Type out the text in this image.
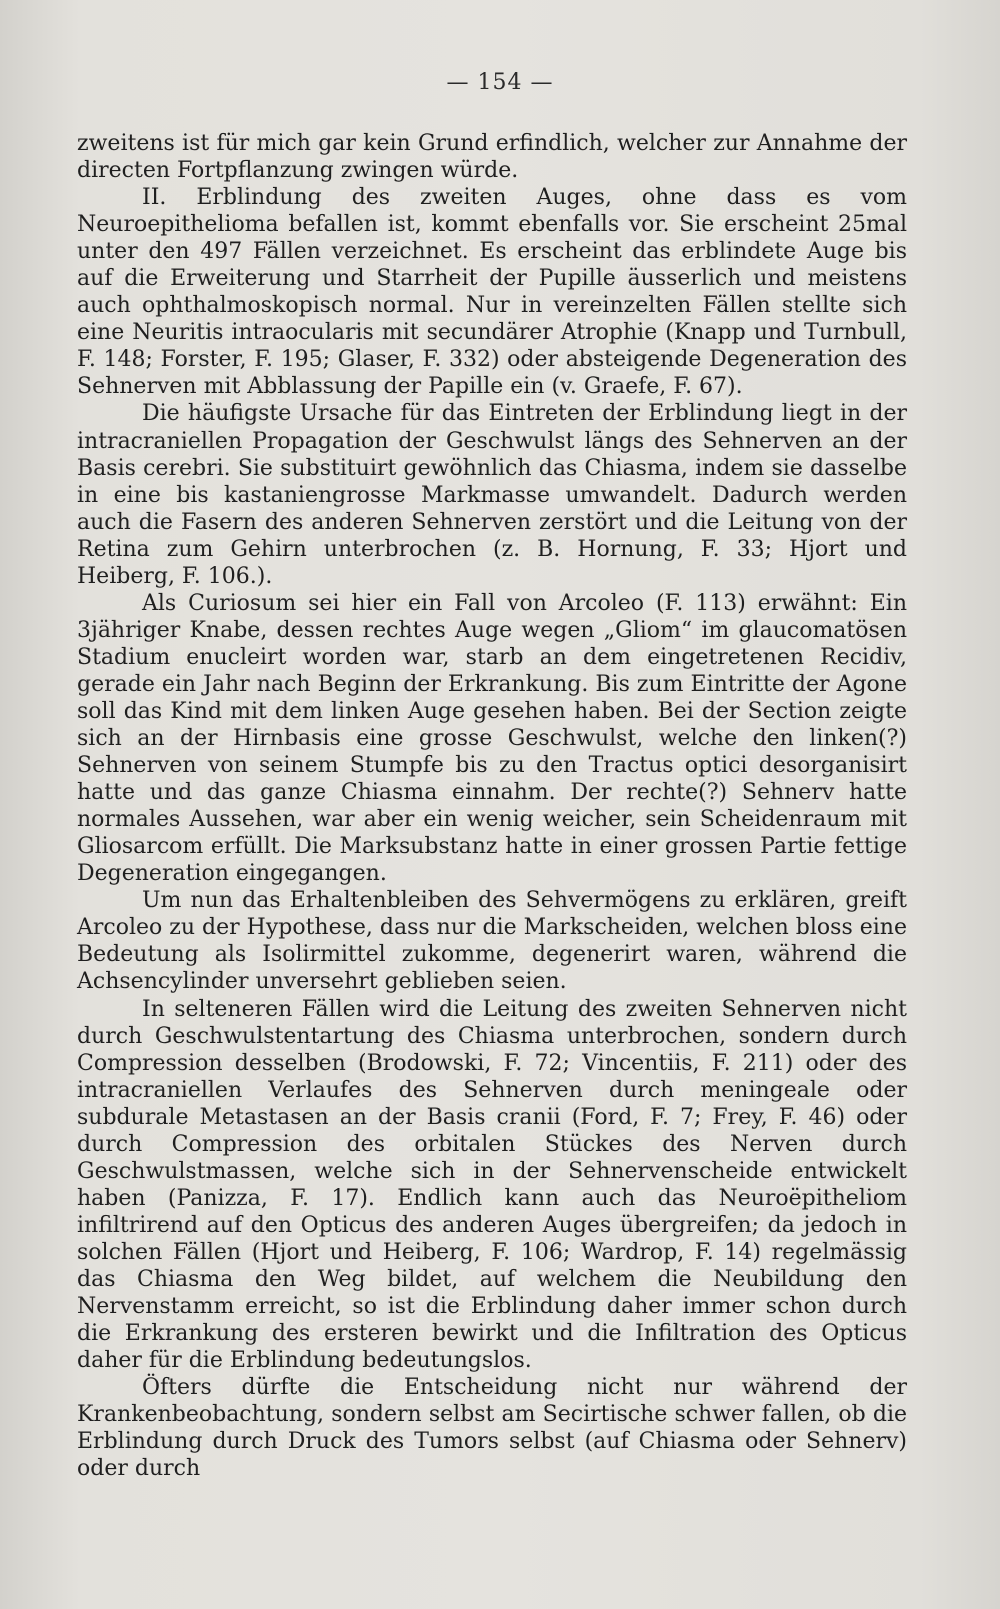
— 154 —

zweitens ist für mich gar kein Grund erfindlich, welcher zur Annahme der directen Fortpflanzung zwingen würde.

II. Erblindung des zweiten Auges, ohne dass es vom Neuroepithelioma befallen ist, kommt ebenfalls vor. Sie erscheint 25mal unter den 497 Fällen verzeichnet. Es erscheint das erblindete Auge bis auf die Erweiterung und Starrheit der Pupille äusserlich und meistens auch ophthalmoskopisch normal. Nur in vereinzelten Fällen stellte sich eine Neuritis intraocularis mit secundärer Atrophie (Knapp und Turnbull, F. 148; Forster, F. 195; Glaser, F. 332) oder absteigende Degeneration des Sehnerven mit Abblassung der Papille ein (v. Graefe, F. 67).

Die häufigste Ursache für das Eintreten der Erblindung liegt in der intracraniellen Propagation der Geschwulst längs des Sehnerven an der Basis cerebri. Sie substituirt gewöhnlich das Chiasma, indem sie dasselbe in eine bis kastaniengrosse Markmasse umwandelt. Dadurch werden auch die Fasern des anderen Sehnerven zerstört und die Leitung von der Retina zum Gehirn unterbrochen (z. B. Hornung, F. 33; Hjort und Heiberg, F. 106.).

Als Curiosum sei hier ein Fall von Arcoleo (F. 113) erwähnt: Ein 3jähriger Knabe, dessen rechtes Auge wegen „Gliom“ im glaucomatösen Stadium enucleirt worden war, starb an dem eingetretenen Recidiv, gerade ein Jahr nach Beginn der Erkrankung. Bis zum Eintritte der Agone soll das Kind mit dem linken Auge gesehen haben. Bei der Section zeigte sich an der Hirnbasis eine grosse Geschwulst, welche den linken(?) Sehnerven von seinem Stumpfe bis zu den Tractus optici desorganisirt hatte und das ganze Chiasma einnahm. Der rechte(?) Sehnerv hatte normales Aussehen, war aber ein wenig weicher, sein Scheidenraum mit Gliosarcom erfüllt. Die Marksubstanz hatte in einer grossen Partie fettige Degeneration eingegangen.

Um nun das Erhaltenbleiben des Sehvermögens zu erklären, greift Arcoleo zu der Hypothese, dass nur die Markscheiden, welchen bloss eine Bedeutung als Isolirmittel zukomme, degenerirt waren, während die Achsencylinder unversehrt geblieben seien.

In selteneren Fällen wird die Leitung des zweiten Sehnerven nicht durch Geschwulstentartung des Chiasma unterbrochen, sondern durch Compression desselben (Brodowski, F. 72; Vincentiis, F. 211) oder des intracraniellen Verlaufes des Sehnerven durch meningeale oder subdurale Metastasen an der Basis cranii (Ford, F. 7; Frey, F. 46) oder durch Compression des orbitalen Stückes des Nerven durch Geschwulstmassen, welche sich in der Sehnervenscheide entwickelt haben (Panizza, F. 17). Endlich kann auch das Neuroëpitheliom infiltrirend auf den Opticus des anderen Auges übergreifen; da jedoch in solchen Fällen (Hjort und Heiberg, F. 106; Wardrop, F. 14) regelmässig das Chiasma den Weg bildet, auf welchem die Neubildung den Nervenstamm erreicht, so ist die Erblindung daher immer schon durch die Erkrankung des ersteren bewirkt und die Infiltration des Opticus daher für die Erblindung bedeutungslos.

Öfters dürfte die Entscheidung nicht nur während der Krankenbeobachtung, sondern selbst am Secirtische schwer fallen, ob die Erblindung durch Druck des Tumors selbst (auf Chiasma oder Sehnerv) oder durch
